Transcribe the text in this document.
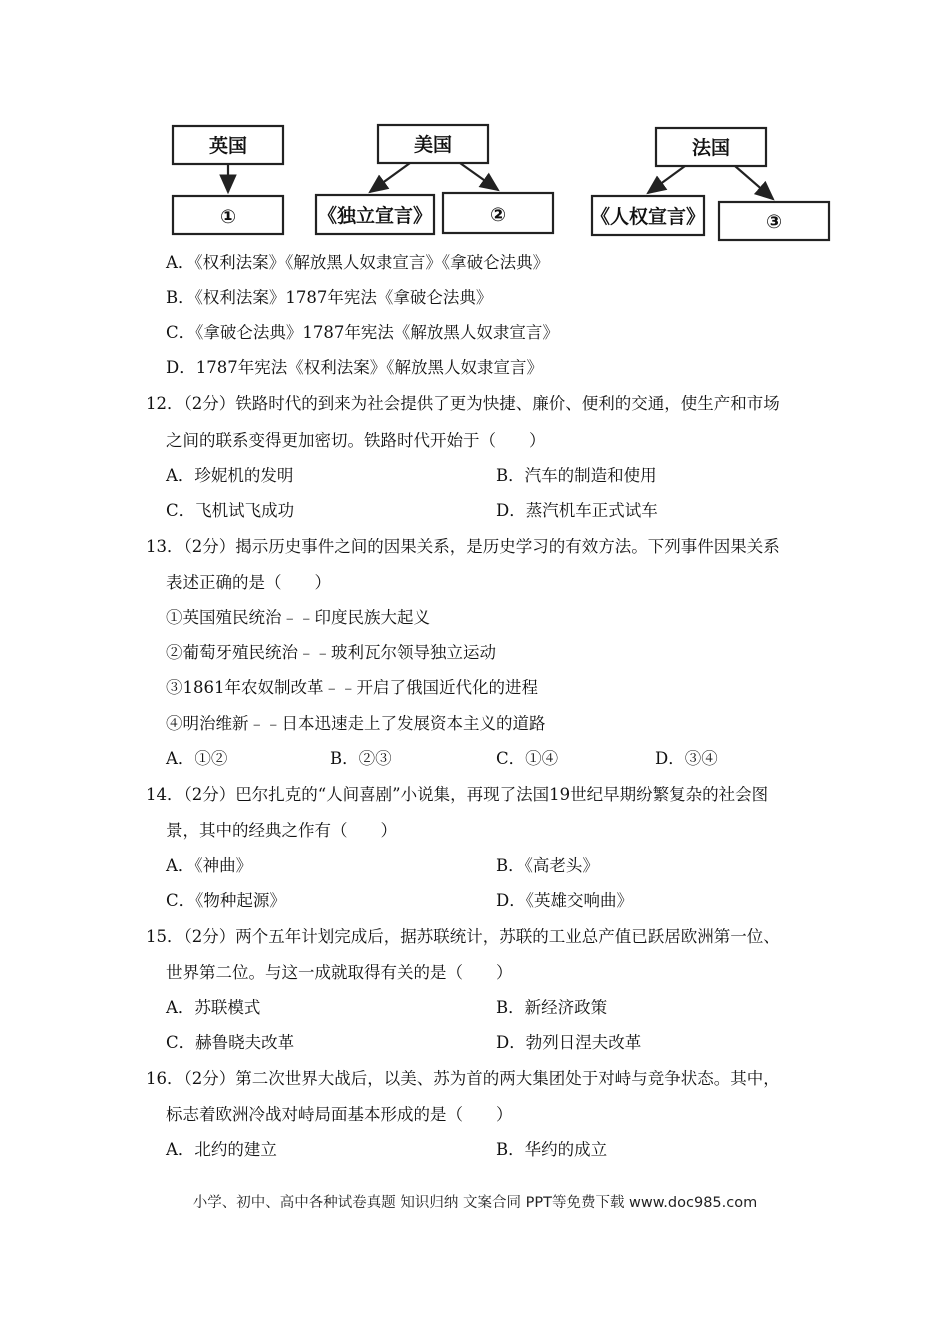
英国
①
美国
《独立宣言》	②
法国
《人权宣言》	③
A．《权利法案》《解放黑人奴隶宣言》《拿破仑法典》
B．《权利法案》1787年宪法《拿破仑法典》
C．《拿破仑法典》1787年宪法《解放黑人奴隶宣言》
D．1787年宪法《权利法案》《解放黑人奴隶宣言》
12．（2分）铁路时代的到来为社会提供了更为快捷、廉价、便利的交通，使生产和市场
之间的联系变得更加密切。铁路时代开始于（　　）
A．珍妮机的发明	B．汽车的制造和使用
C．飞机试飞成功	D．蒸汽机车正式试车
13．（2分）揭示历史事件之间的因果关系，是历史学习的有效方法。下列事件因果关系
表述正确的是（　　）
①英国殖民统治﹣﹣印度民族大起义
②葡萄牙殖民统治﹣﹣玻利瓦尔领导独立运动
③1861年农奴制改革﹣﹣开启了俄国近代化的进程
④明治维新﹣﹣日本迅速走上了发展资本主义的道路
A．①②	B．②③	C．①④	D．③④
14．（2分）巴尔扎克的“人间喜剧”小说集，再现了法国19世纪早期纷繁复杂的社会图
景，其中的经典之作有（　　）
A．《神曲》	B．《高老头》
C．《物种起源》	D．《英雄交响曲》
15．（2分）两个五年计划完成后，据苏联统计，苏联的工业总产值已跃居欧洲第一位、
世界第二位。与这一成就取得有关的是（　　）
A．苏联模式	B．新经济政策
C．赫鲁晓夫改革	D．勃列日涅夫改革
16．（2分）第二次世界大战后，以美、苏为首的两大集团处于对峙与竞争状态。其中，
标志着欧洲冷战对峙局面基本形成的是（　　）
A．北约的建立	B．华约的成立
小学、初中、高中各种试卷真题 知识归纳 文案合同 PPT等免费下载 www.doc985.com
